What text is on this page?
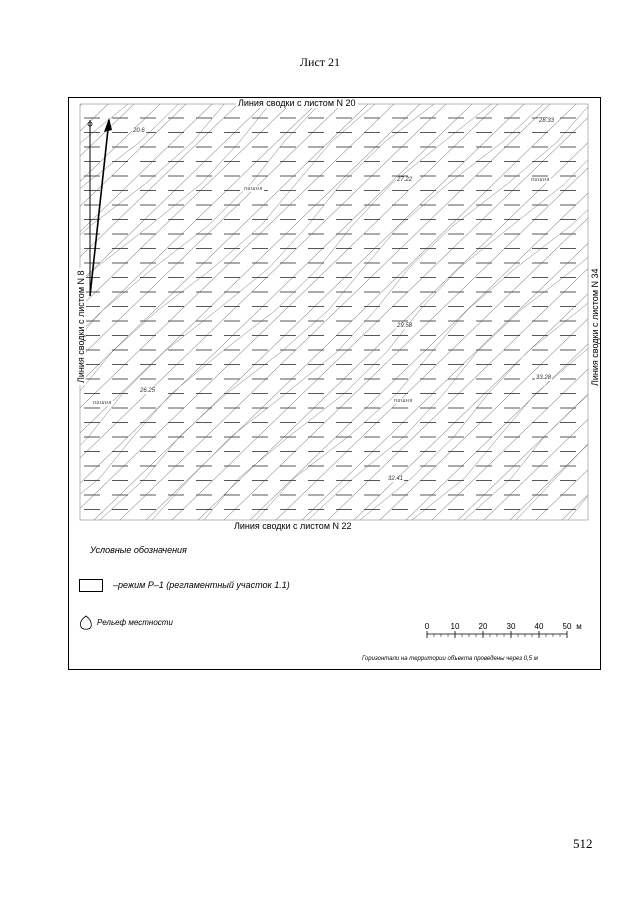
Лист 21
Линия сводки с листом N 20
Линия сводки с листом N 22
Линия сводки с листом N 8	Линия сводки с листом N 34
20.6
28.33
27.22
29.58
26.25
33.28
32.41
пашня
пашня
пашня	пашня
Условные обозначения
–режим Р–1 (регламентный участок 1.1)
Рельеф местности	0	10 20 30 40 50 м
Горизонтали на территории объекта проведены через 0,5 м
512
